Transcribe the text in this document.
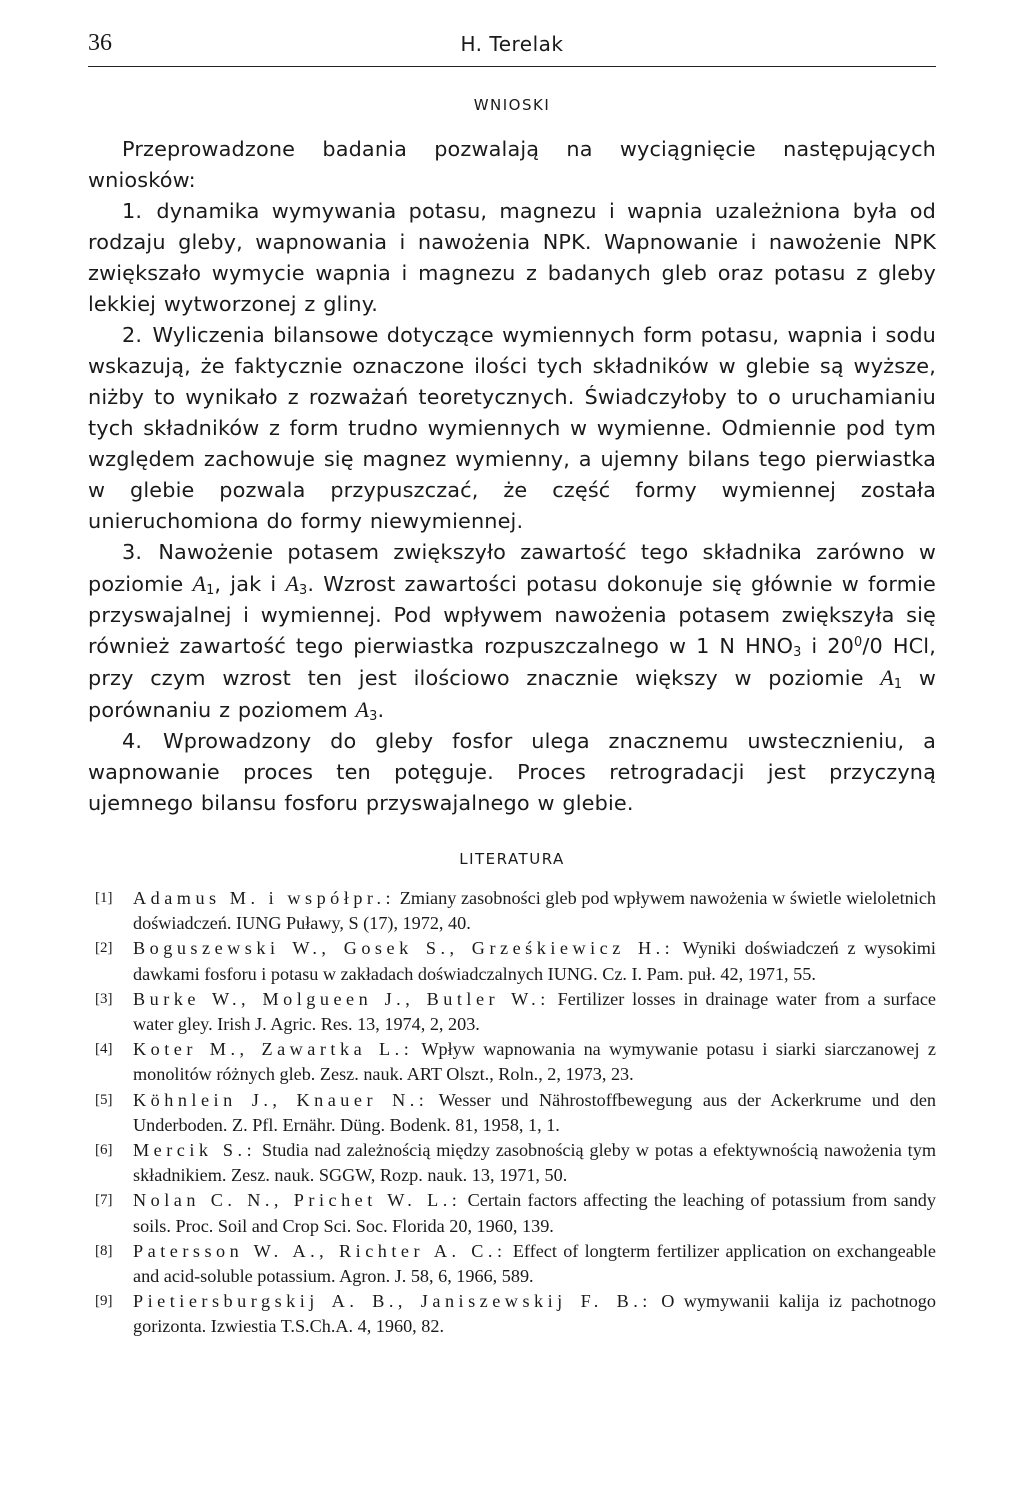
36	H. Terelak
WNIOSKI

Przeprowadzone badania pozwalają na wyciągnięcie następujących wniosków:

1. dynamika wymywania potasu, magnezu i wapnia uzależniona była od rodzaju gleby, wapnowania i nawożenia NPK. Wapnowanie i nawożenie NPK zwiększało wymycie wapnia i magnezu z badanych gleb oraz potasu z gleby lekkiej wytworzonej z gliny.

2. Wyliczenia bilansowe dotyczące wymiennych form potasu, wapnia i sodu wskazują, że faktycznie oznaczone ilości tych składników w glebie są wyższe, niżby to wynikało z rozważań teoretycznych. Świadczyłoby to o uruchamianiu tych składników z form trudno wymiennych w wymienne. Odmiennie pod tym względem zachowuje się magnez wymienny, a ujemny bilans tego pierwiastka w glebie pozwala przypuszczać, że część formy wymiennej została unieruchomiona do formy niewymiennej.

3. Nawożenie potasem zwiększyło zawartość tego składnika zarówno w poziomie $A_1$, jak i $A_3$. Wzrost zawartości potasu dokonuje się głównie w formie przyswajalnej i wymiennej. Pod wpływem nawożenia potasem zwiększyła się również zawartość tego pierwiastka rozpuszczalnego w 1 N $HNO_3$ i $20^0/0$ HCl, przy czym wzrost ten jest ilościowo znacznie większy w poziomie $A_1$ w porównaniu z poziomem $A_3$.

4. Wprowadzony do gleby fosfor ulega znacznemu uwstecznieniu, a wapnowanie proces ten potęguje. Proces retrogradacji jest przyczyną ujemnego bilansu fosforu przyswajalnego w glebie.

LITERATURA
[1] Adamus M. i współpr.: Zmiany zasobności gleb pod wpływem nawożenia w świetle wieloletnich doświadczeń. IUNG Puławy, S (17), 1972, 40.
[2] Boguszewski W., Gosek S., Grześkiewicz H.: Wyniki doświadczeń z wysokimi dawkami fosforu i potasu w zakładach doświadczalnych IUNG. Cz. I. Pam. puł. 42, 1971, 55.
[3] Burke W., Molgueen J., Butler W.: Fertilizer losses in drainage water from a surface water gley. Irish J. Agric. Res. 13, 1974, 2, 203.
[4] Koter M., Zawartka L.: Wpływ wapnowania na wymywanie potasu i siarki siarczanowej z monolitów różnych gleb. Zesz. nauk. ART Olszt., Roln., 2, 1973, 23.
[5] Köhnlein J., Knauer N.: Wesser und Nährostoffbewegung aus der Ackerkrume und den Underboden. Z. Pfl. Ernähr. Düng. Bodenk. 81, 1958, 1, 1.
[6] Mercik S.: Studia nad zależnością między zasobnością gleby w potas a efektywnością nawożenia tym składnikiem. Zesz. nauk. SGGW, Rozp. nauk. 13, 1971, 50.
[7] Nolan C. N., Prichet W. L.: Certain factors affecting the leaching of potassium from sandy soils. Proc. Soil and Crop Sci. Soc. Florida 20, 1960, 139.
[8] Patersson W. A., Richter A. C.: Effect of longterm fertilizer application on exchangeable and acid-soluble potassium. Agron. J. 58, 6, 1966, 589.
[9] Pietiersburgskij A. B., Janiszewskij F. B.: O wymywanii kalija iz pachotnogo gorizonta. Izwiestia T.S.Ch.A. 4, 1960, 82.
